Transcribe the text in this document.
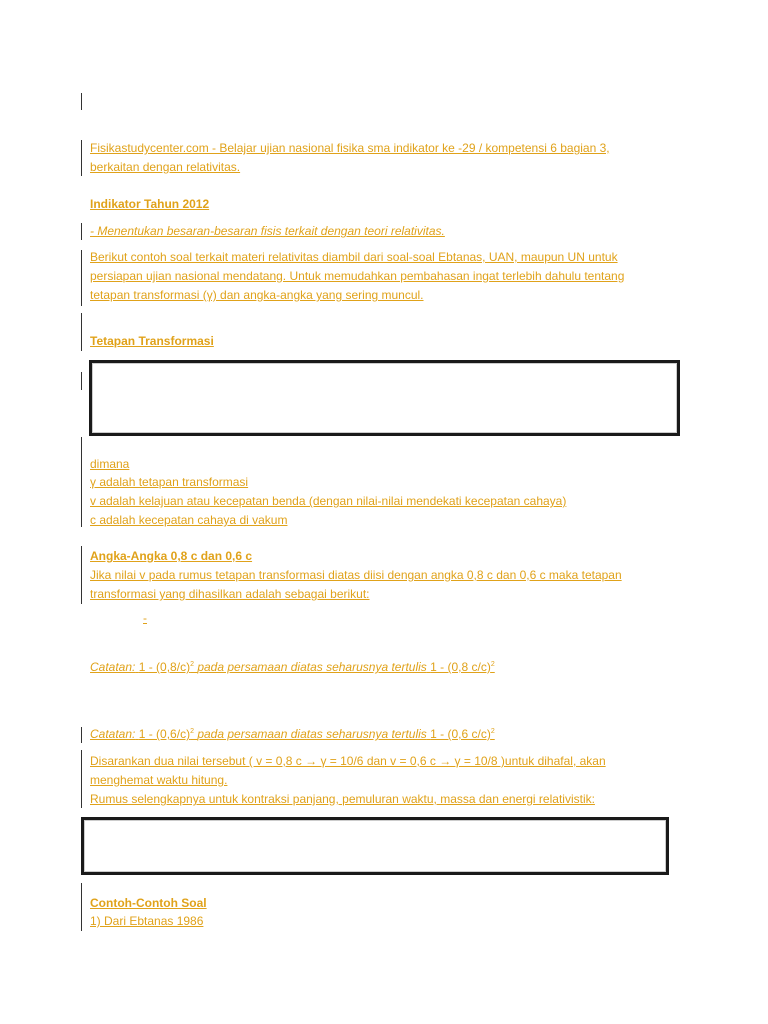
Fisikastudycenter.com - Belajar ujian nasional fisika sma indikator ke -29 / kompetensi 6 bagian 3,
berkaitan dengan relativitas.
Indikator Tahun 2012
- Menentukan besaran-besaran fisis terkait dengan teori relativitas.
Berikut contoh soal terkait materi relativitas diambil dari soal-soal Ebtanas, UAN, maupun UN untuk
persiapan ujian nasional mendatang. Untuk memudahkan pembahasan ingat terlebih dahulu tentang
tetapan transformasi (γ) dan angka-angka yang sering muncul.
Tetapan Transformasi
dimana
γ adalah tetapan transformasi
v adalah kelajuan atau kecepatan benda (dengan nilai-nilai mendekati kecepatan cahaya)
c adalah kecepatan cahaya di vakum
Angka-Angka 0,8 c dan 0,6 c
Jika nilai v pada rumus tetapan transformasi diatas diisi dengan angka 0,8 c dan 0,6 c maka tetapan
transformasi yang dihasilkan adalah sebagai berikut:
-
Catatan: $1 - (0,8/c)^2$ pada persamaan diatas seharusnya tertulis 1 - (0,8 c/c)$^2$
Catatan: $1 - (0,6/c)^2$ pada persamaan diatas seharusnya tertulis 1 - (0,6 c/c)$^2$
Disarankan dua nilai tersebut ( v = 0,8 c → γ = 10/6 dan v = 0,6 c → γ = 10/8 )untuk dihafal, akan
menghemat waktu hitung.
Rumus selengkapnya untuk kontraksi panjang, pemuluran waktu, massa dan energi relativistik:
Contoh-Contoh Soal
1) Dari Ebtanas 1986
